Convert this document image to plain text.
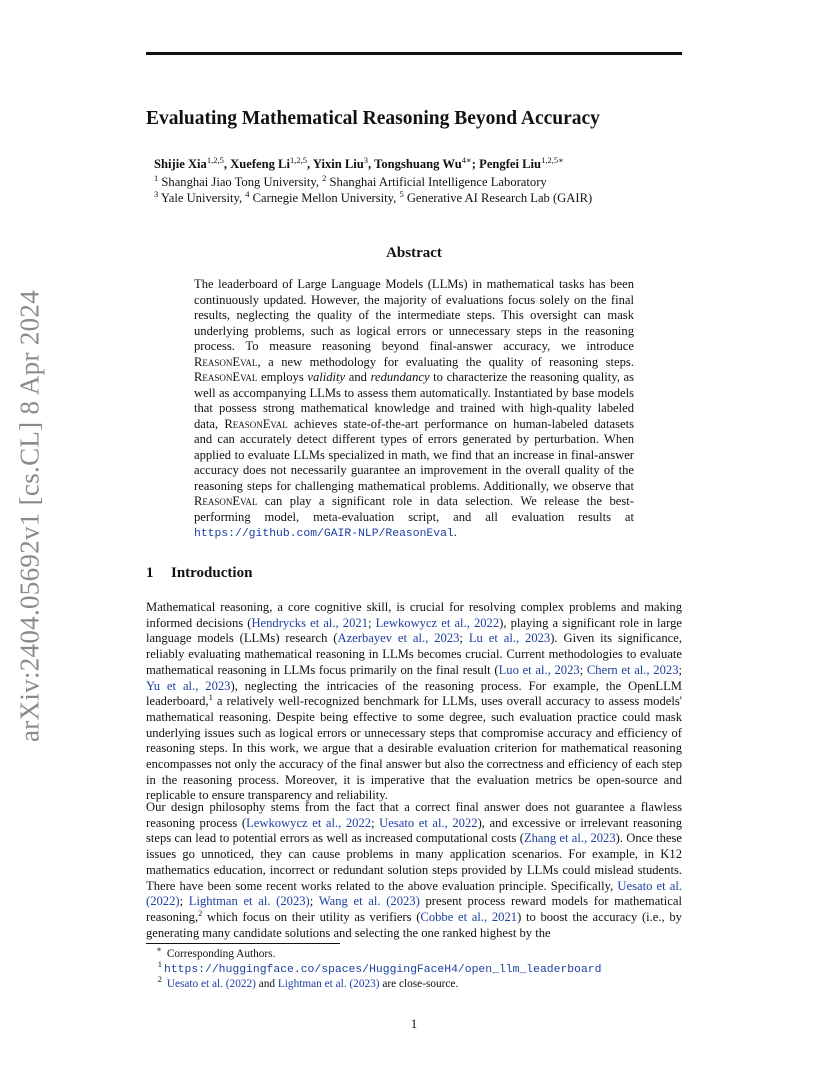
arXiv:2404.05692v1 [cs.CL] 8 Apr 2024
Evaluating Mathematical Reasoning Beyond Accuracy
Shijie Xia$^{1,2,5}$, Xuefeng Li$^{1,2,5}$, Yixin Liu$^3$, Tongshuang $Wu^{4∗}$; Pengfei Liu$^{1,2,5∗}$
$^1$ Shanghai Jiao Tong University, $^2$ Shanghai Artificial Intelligence Laboratory
$^3$ Yale University, $^4$ Carnegie Mellon University, $^5$ Generative AI Research Lab (GAIR)
Abstract

The leaderboard of Large Language Models (LLMs) in mathematical tasks has been continuously updated. However, the majority of evaluations focus solely on the final results, neglecting the quality of the intermediate steps. This oversight can mask underlying problems, such as logical errors or unnecessary steps in the reasoning process. To measure reasoning beyond final-answer accuracy, we introduce ReasonEval, a new methodology for evaluating the quality of reasoning steps. ReasonEval employs validity and redundancy to characterize the reasoning quality, as well as accompanying LLMs to assess them automatically. Instantiated by base models that possess strong mathematical knowledge and trained with high-quality labeled data, ReasonEval achieves state-of-the-art performance on human-labeled datasets and can accurately detect different types of errors generated by perturbation. When applied to evaluate LLMs specialized in math, we find that an increase in final-answer accuracy does not necessarily guarantee an improvement in the overall quality of the reasoning steps for challenging mathematical problems. Additionally, we observe that ReasonEval can play a significant role in data selection. We release the best-performing model, meta-evaluation script, and all evaluation results at https://github.com/GAIR-NLP/ReasonEval.

1 Introduction

Mathematical reasoning, a core cognitive skill, is crucial for resolving complex problems and making informed decisions (Hendrycks et al., 2021; Lewkowycz et al., 2022), playing a significant role in large language models (LLMs) research (Azerbayev et al., 2023; Lu et al., 2023). Given its significance, reliably evaluating mathematical reasoning in LLMs becomes crucial. Current methodologies to evaluate mathematical reasoning in LLMs focus primarily on the final result (Luo et al., 2023; Chern et al., 2023; Yu et al., 2023), neglecting the intricacies of the reasoning process. For example, the OpenLLM leaderboard,$^1$ a relatively well-recognized benchmark for LLMs, uses overall accuracy to assess models' mathematical reasoning. Despite being effective to some degree, such evaluation practice could mask underlying issues such as logical errors or unnecessary steps that compromise accuracy and efficiency of reasoning steps. In this work, we argue that a desirable evaluation criterion for mathematical reasoning encompasses not only the accuracy of the final answer but also the correctness and efficiency of each step in the reasoning process. Moreover, it is imperative that the evaluation metrics be open-source and replicable to ensure transparency and reliability.

Our design philosophy stems from the fact that a correct final answer does not guarantee a flawless reasoning process (Lewkowycz et al., 2022; Uesato et al., 2022), and excessive or irrelevant reasoning steps can lead to potential errors as well as increased computational costs (Zhang et al., 2023). Once these issues go unnoticed, they can cause problems in many application scenarios. For example, in K12 mathematics education, incorrect or redundant solution steps provided by LLMs could mislead students. There have been some recent works related to the above evaluation principle. Specifically, Uesato et al. (2022); Lightman et al. (2023); Wang et al. (2023) present process reward models for mathematical reasoning,$^2$ which focus on their utility as verifiers (Cobbe et al., 2021) to boost the accuracy (i.e., by generating many candidate solutions and selecting the one ranked highest by the

∗ Corresponding Authors.
$^1$ https://huggingface.co/spaces/HuggingFaceH4/open_llm_leaderboard
$^2$ Uesato et al. (2022) and Lightman et al. (2023) are close-source.
1
